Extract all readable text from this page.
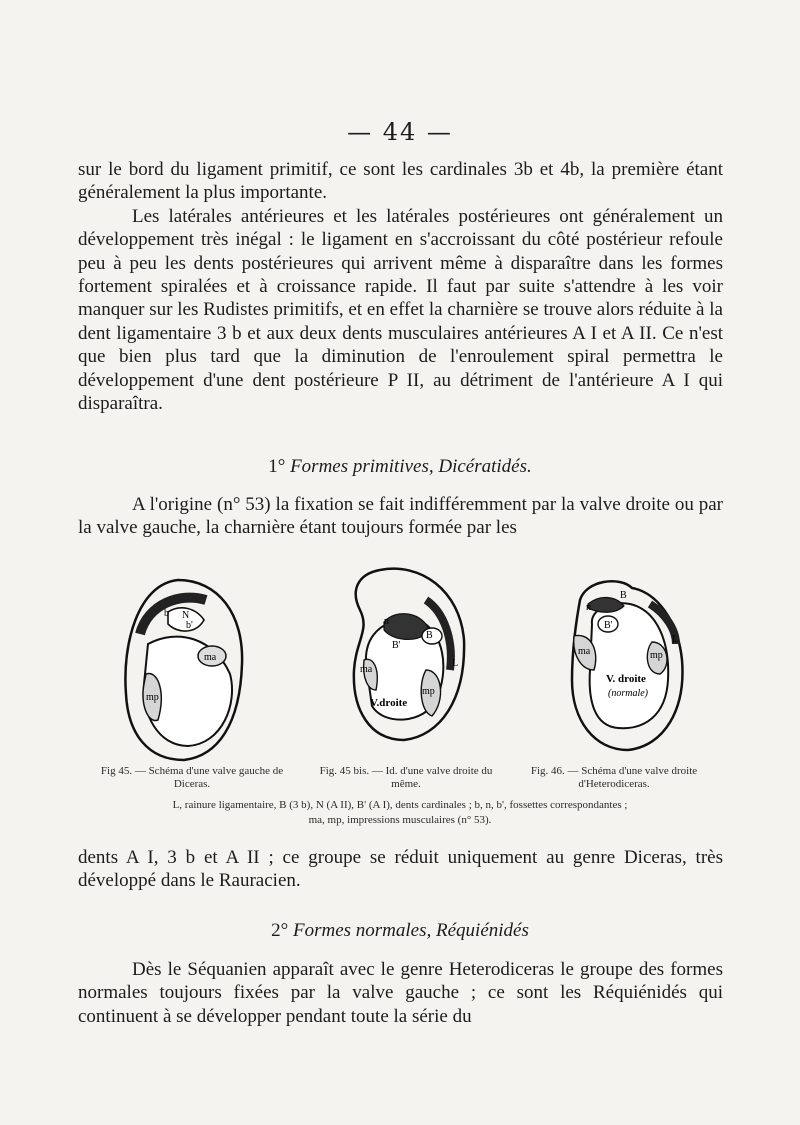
— 44 —

sur le bord du ligament primitif, ce sont les cardinales 3b et 4b, la première étant généralement la plus importante.

Les latérales antérieures et les latérales postérieures ont généralement un développement très inégal : le ligament en s'accroissant du côté postérieur refoule peu à peu les dents postérieures qui arrivent même à disparaître dans les formes fortement spiralées et à croissance rapide. Il faut par suite s'attendre à les voir manquer sur les Rudistes primitifs, et en effet la charnière se trouve alors réduite à la dent ligamentaire 3 b et aux deux dents musculaires antérieures A I et A II. Ce n'est que bien plus tard que la diminution de l'enroulement spiral permettra le développement d'une dent postérieure P II, au détriment de l'antérieure A I qui disparaîtra.

1° Formes primitives, Dicératidés.
A l'origine (n° 53) la fixation se fait indifféremment par la valve droite ou par la valve gauche, la charnière étant toujours formée par les
b N
b'
ma
mp
n
B'
B
L
ma
mp
V.droite
n
B
B'
L
ma	mp
V. droite
(normale)
Fig 45. — Schéma d'une valve gauche de Diceras.
Fig. 45 bis. — Id. d'une valve droite du même.
Fig. 46. — Schéma d'une valve droite d'Heterodiceras.
L, rainure ligamentaire, B (3 b), N (A II), B' (A I), dents cardinales ; b, n, b', fossettes correspondantes ;
ma, mp, impressions musculaires (n° 53).
dents A I, 3 b et A II ; ce groupe se réduit uniquement au genre Diceras, très développé dans le Rauracien.
2° Formes normales, Réquiénidés
Dès le Séquanien apparaît avec le genre Heterodiceras le groupe des formes normales toujours fixées par la valve gauche ; ce sont les Réquiénidés qui continuent à se développer pendant toute la série du
